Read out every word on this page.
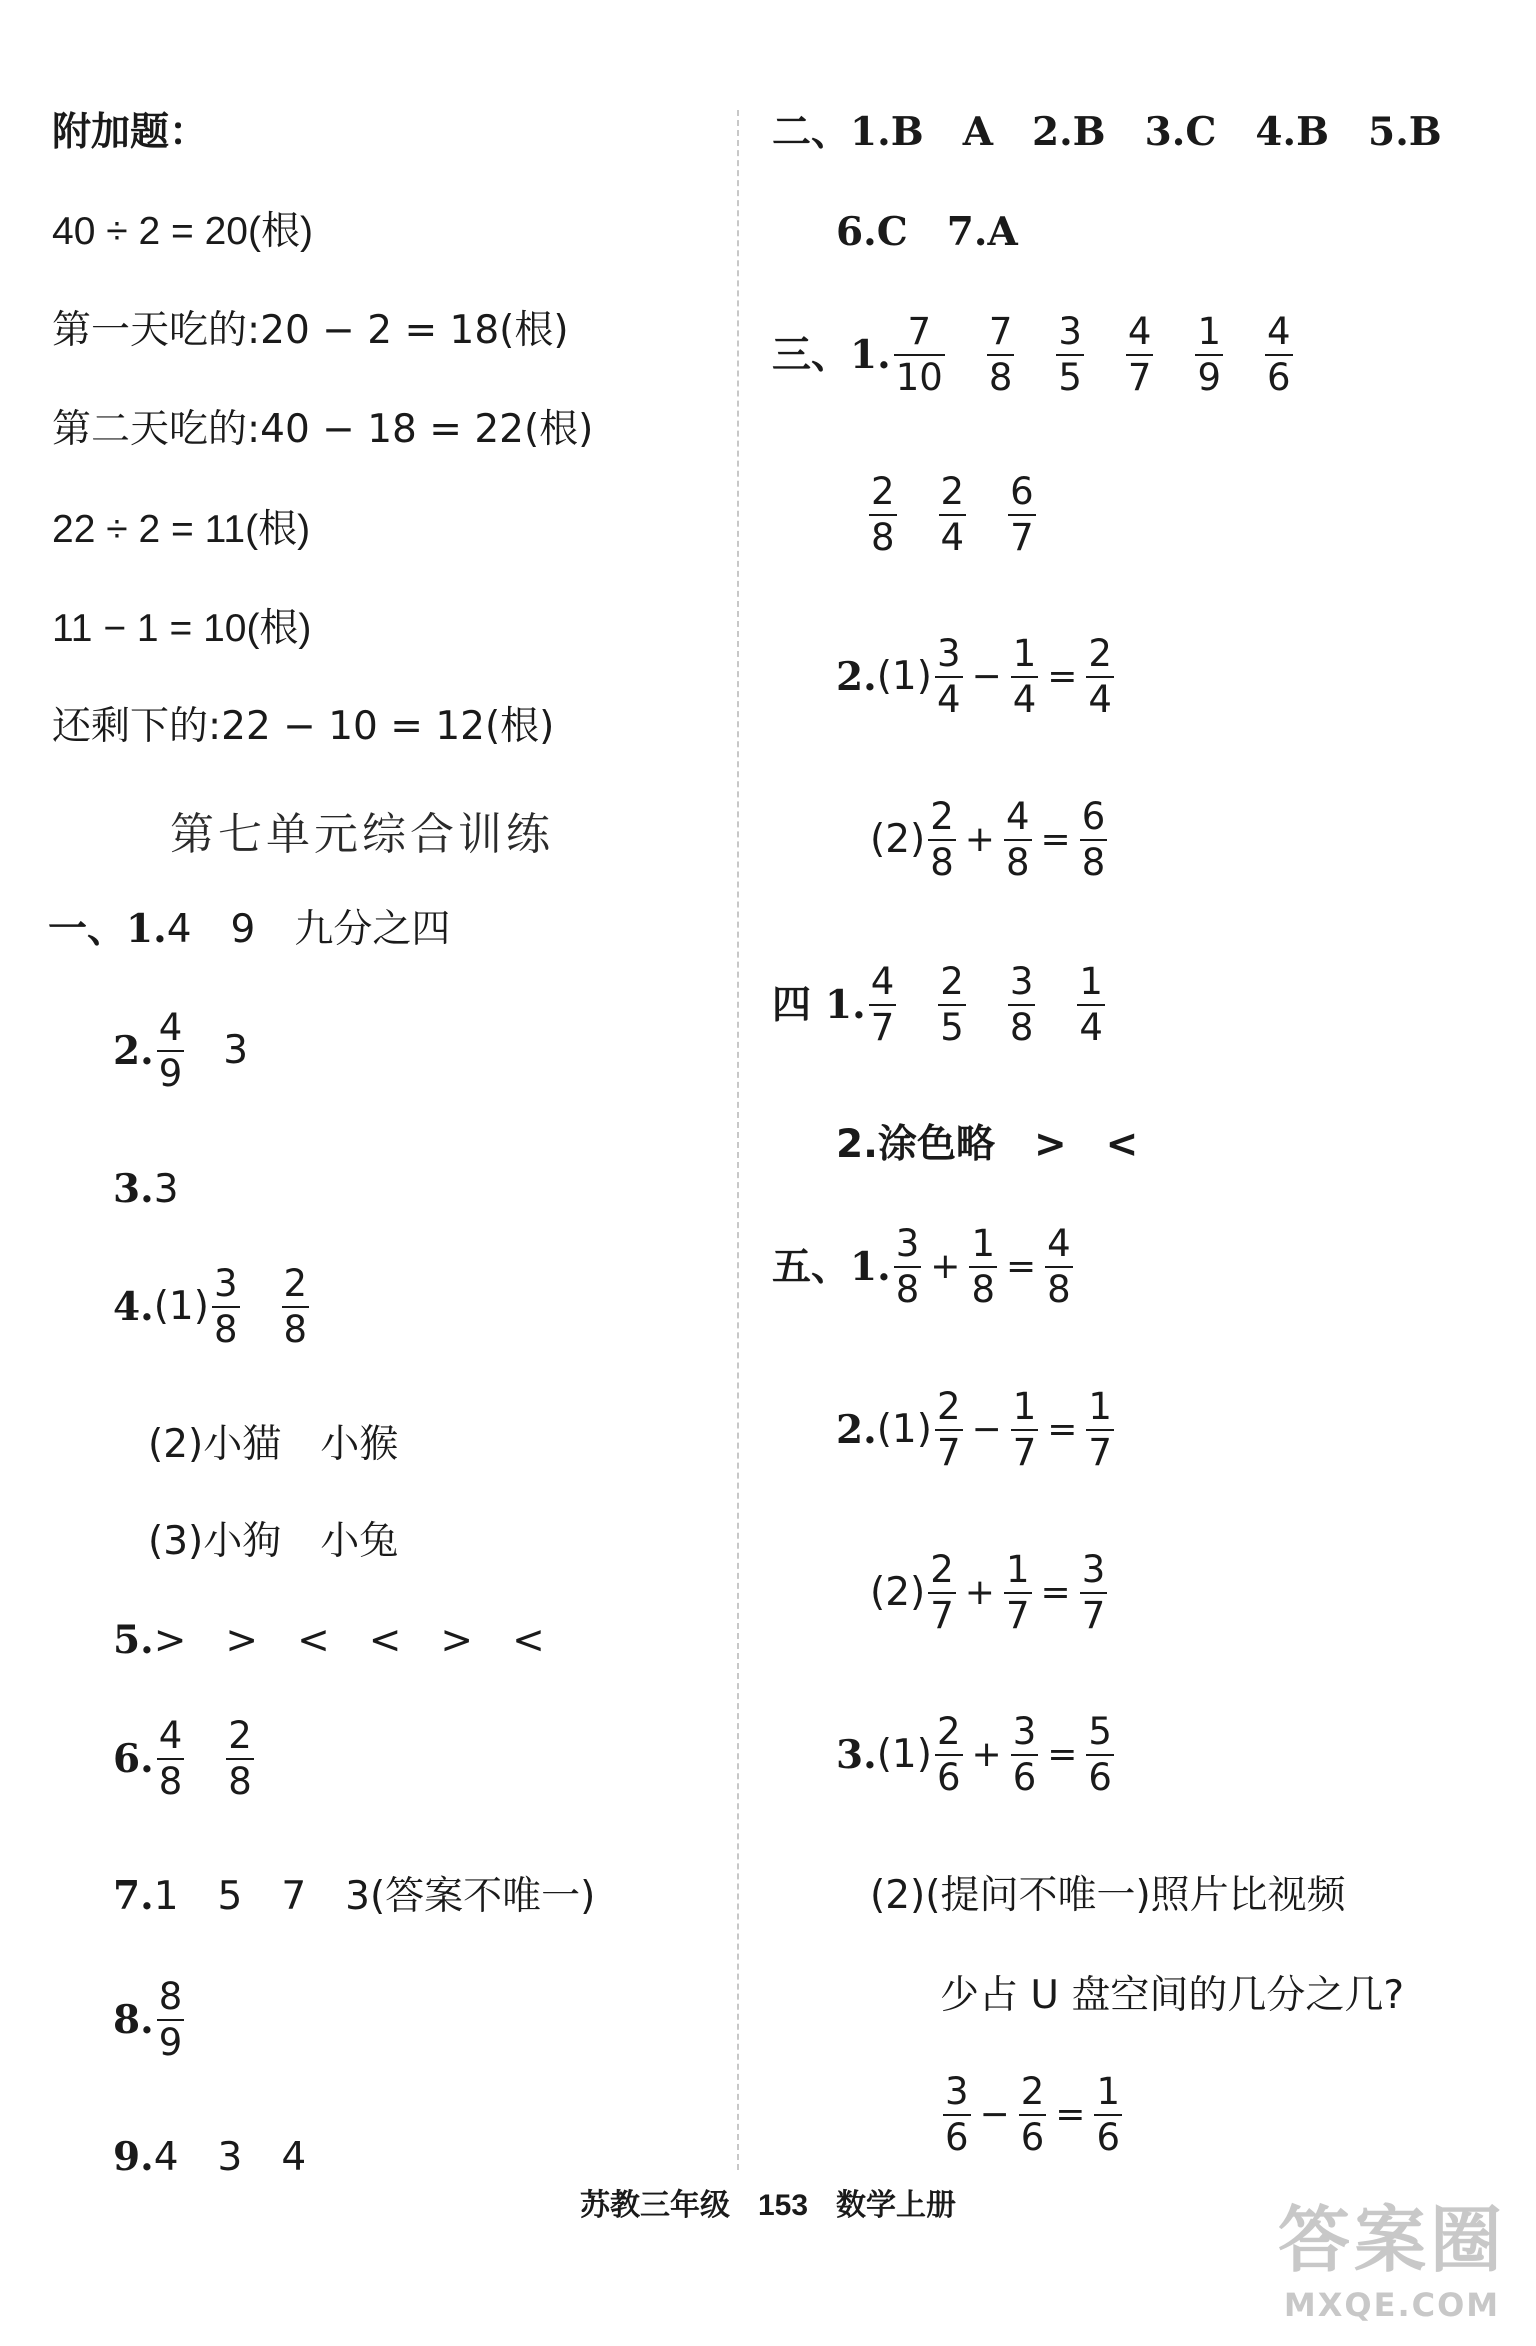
附加题：
40 ÷ 2 = 20(根)
第一天吃的:20 − 2 = 18(根)
第二天吃的:40 − 18 = 22(根)
22 ÷ 2 = 11(根)
11 − 1 = 10(根)
还剩下的:22 − 10 = 12(根)
第七单元综合训练
一、1.4　9　九分之四
2. $\frac{4}{9} 3$
3.3
$4.(1) \frac{3}{8} \frac{2}{8}$
(2)小猫　小猴
(3)小狗　小兔
5.>　>　<　<　>　<
6. $\frac{4}{8} \frac{2}{8}$
7.1　5　7　3(答案不唯一)
8. $\frac{8}{9}$
9.4　3　4
二、1.B　A　2.B　3.C　4.B　5.B
6.C　7.A
三、1. $\frac{7}{10} \frac{7}{8} \frac{3}{5} \frac{4}{7} \frac{1}{9} \frac{4}{6}$
$\frac{2}{8} \frac{2}{4} \frac{6}{7}$
$2.(1) \frac{3}{4} - \frac{1}{4} = \frac{2}{4}$
$(2) \frac{2}{8} + \frac{4}{8} = \frac{6}{8}$
四 1. $\frac{4}{7} \frac{2}{5} \frac{3}{8} \frac{1}{4}$
2.涂色略　>　<
五、1. $\frac{3}{8} + \frac{1}{8} = \frac{4}{8}$
$2.(1) \frac{2}{7} - \frac{1}{7} = \frac{1}{7}$
$(2) \frac{2}{7} + \frac{1}{7} = \frac{3}{7}$
$3.(1) \frac{2}{6} + \frac{3}{6} = \frac{5}{6}$
(2)(提问不唯一)照片比视频
少占 U 盘空间的几分之几?
$\frac{3}{6} - \frac{2}{6} = \frac{1}{6}$
苏教三年级 153 数学上册	答案圈
MXQE.COM
